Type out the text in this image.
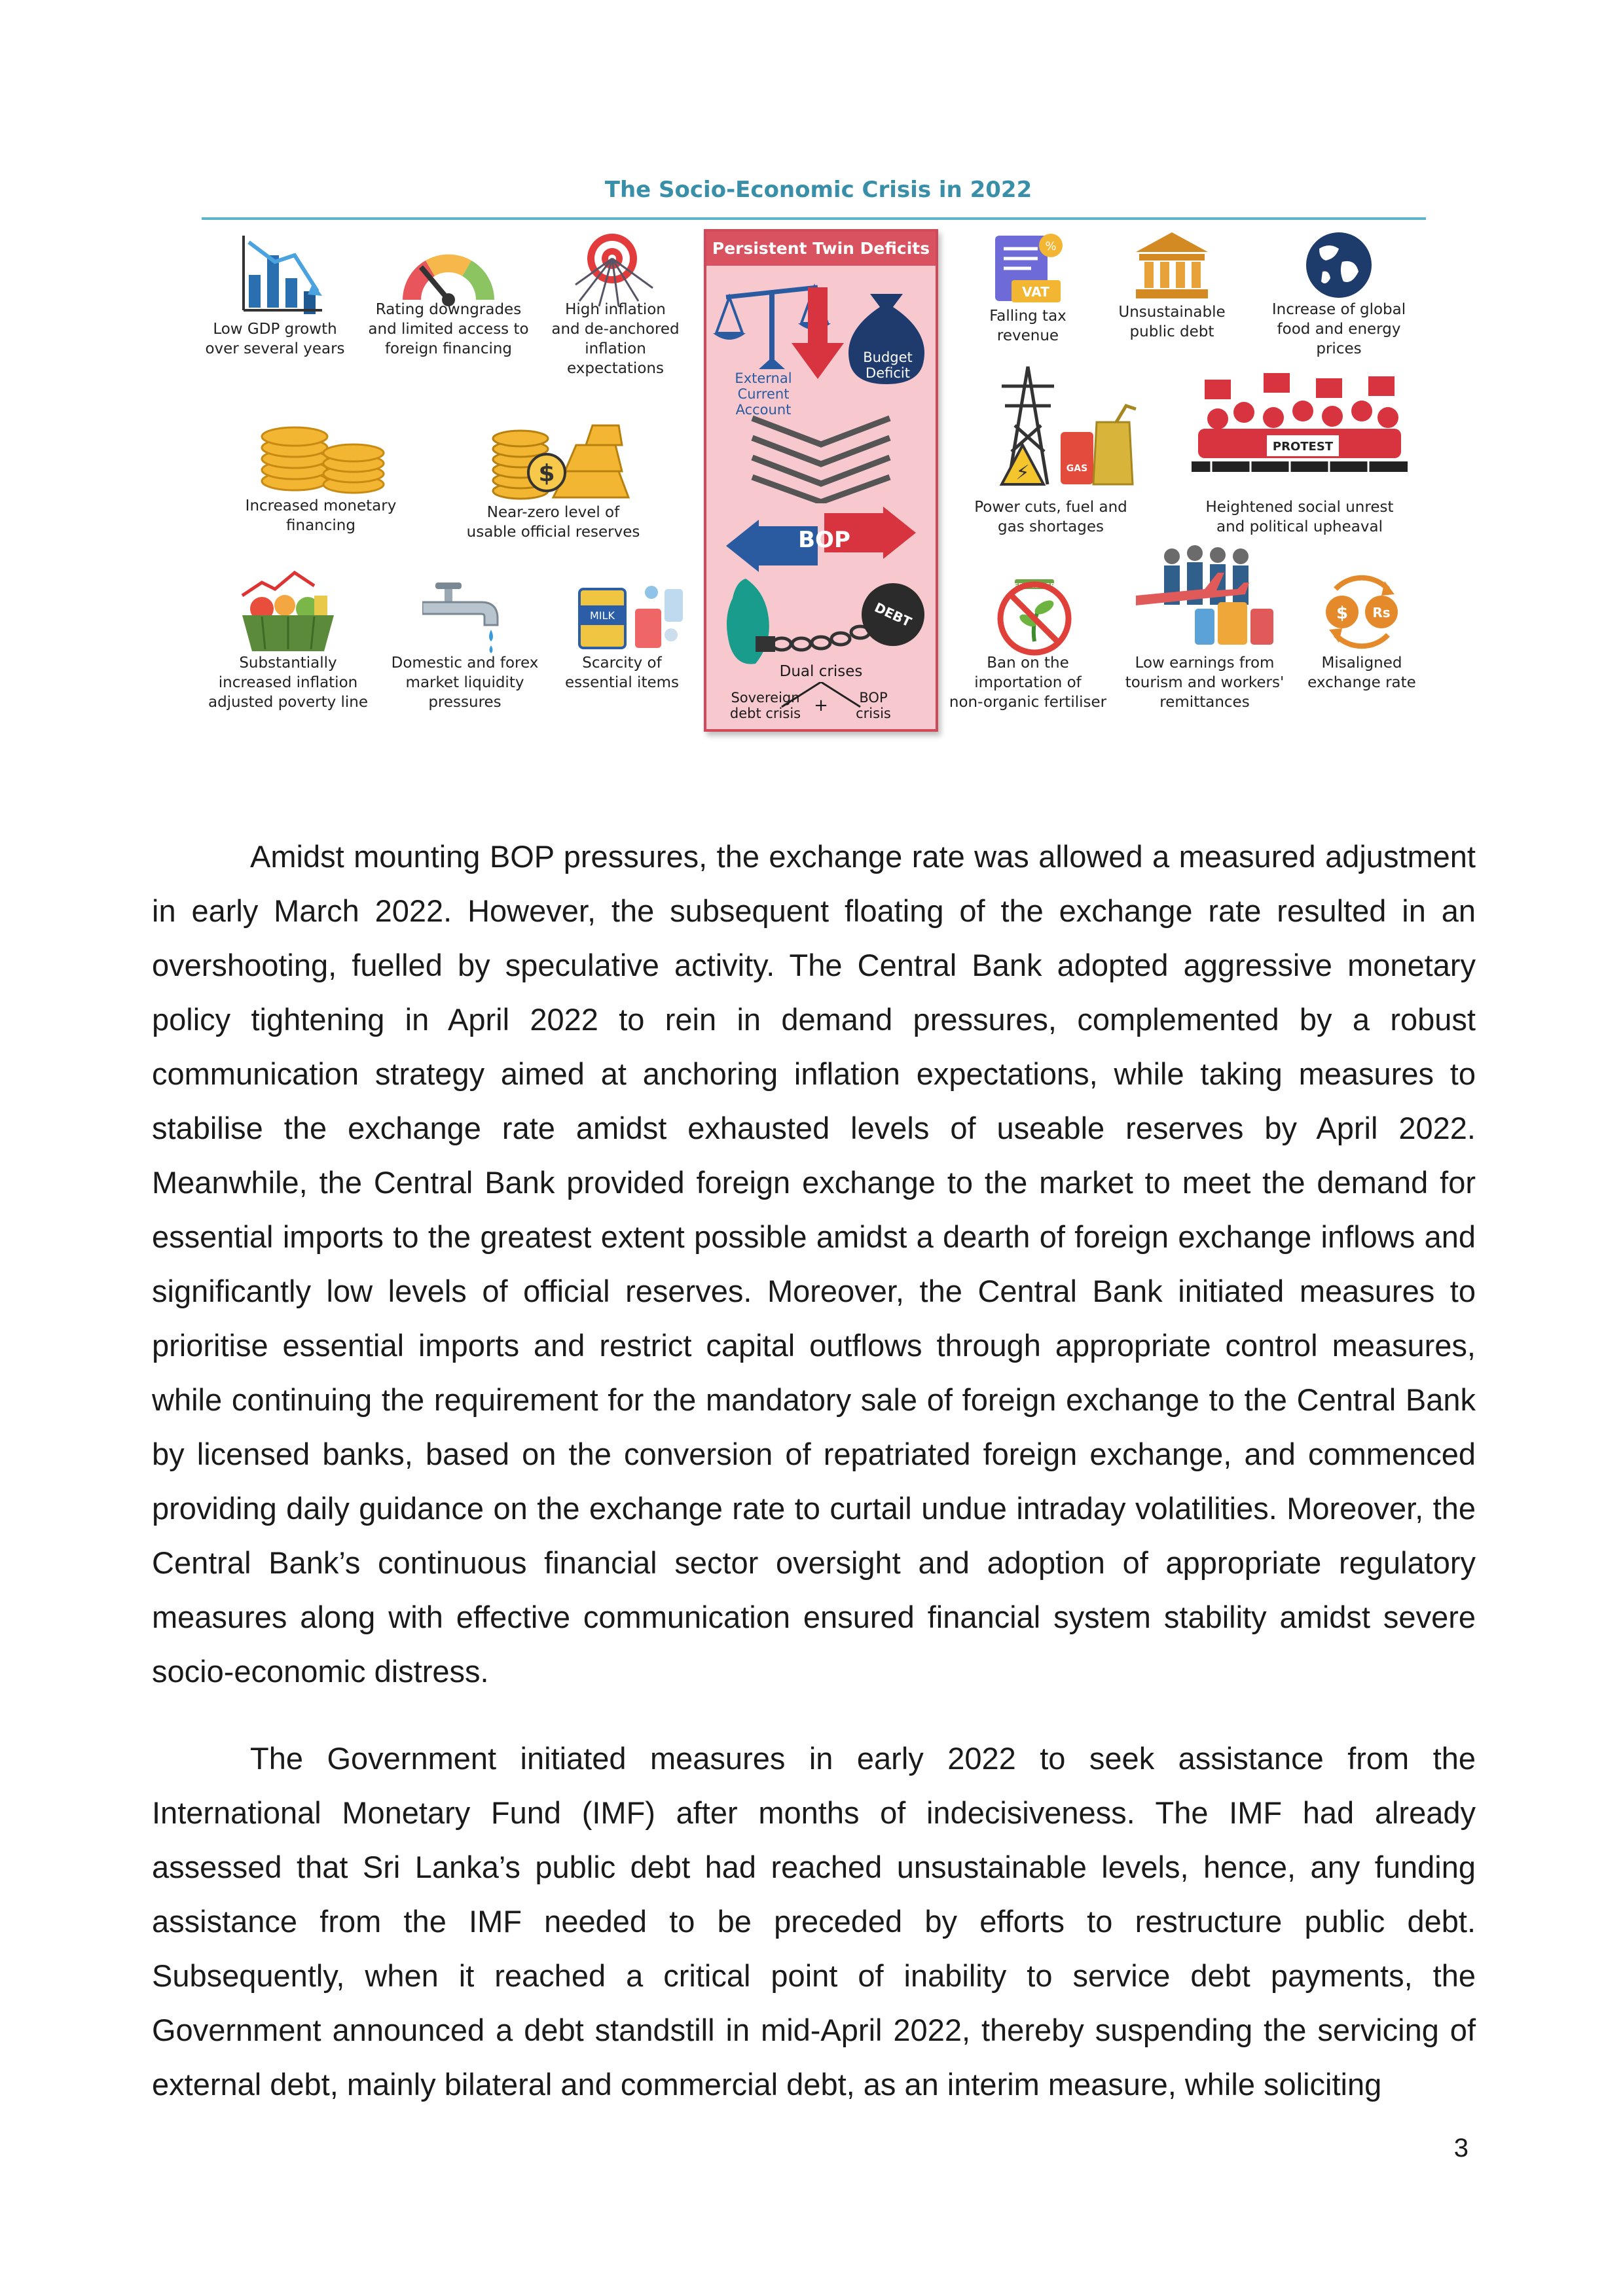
The Socio-Economic Crisis in 2022
Low GDP growth
over several years
Rating downgrades
and limited access to
foreign financing
High inflation
and de-anchored
inflation
expectations
Increased monetary
financing
$
Near-zero level of
usable official reserves
Substantially
increased inflation
adjusted poverty line
Domestic and forex
market liquidity
pressures
MILK
Scarcity of
essential items
Persistent Twin Deficits
Budget
Deficit
External
Current Account
BOP
DEBT
Dual crises
Sovereign
debt crisis +	BOP
crisis
%
VAT
Falling tax
revenue
Unsustainable
public debt
Increase of global
food and energy
prices
⚡	GAS
Power cuts, fuel and
gas shortages
PROTEST
Heightened social unrest
and political upheaval
FERTILISER
Ban on the
importation of
non-organic fertiliser
Low earnings from
tourism and workers'
remittances
$ Rs
Misaligned
exchange rate

Amidst mounting BOP pressures, the exchange rate was allowed a measured adjustment in early March 2022. However, the subsequent floating of the exchange rate resulted in an overshooting, fuelled by speculative activity. The Central Bank adopted aggressive monetary policy tightening in April 2022 to rein in demand pressures, complemented by a robust communication strategy aimed at anchoring inflation expectations, while taking measures to stabilise the exchange rate amidst exhausted levels of useable reserves by April 2022. Meanwhile, the Central Bank provided foreign exchange to the market to meet the demand for essential imports to the greatest extent possible amidst a dearth of foreign exchange inflows and significantly low levels of official reserves. Moreover, the Central Bank initiated measures to prioritise essential imports and restrict capital outflows through appropriate control measures, while continuing the requirement for the mandatory sale of foreign exchange to the Central Bank by licensed banks, based on the conversion of repatriated foreign exchange, and commenced providing daily guidance on the exchange rate to curtail undue intraday volatilities. Moreover, the Central Bank’s continuous financial sector oversight and adoption of appropriate regulatory measures along with effective communication ensured financial system stability amidst severe socio-economic distress.

The Government initiated measures in early 2022 to seek assistance from the International Monetary Fund (IMF) after months of indecisiveness. The IMF had already assessed that Sri Lanka’s public debt had reached unsustainable levels, hence, any funding assistance from the IMF needed to be preceded by efforts to restructure public debt. Subsequently, when it reached a critical point of inability to service debt payments, the Government announced a debt standstill in mid-April 2022, thereby suspending the servicing of external debt, mainly bilateral and commercial debt, as an interim measure, while soliciting

3
